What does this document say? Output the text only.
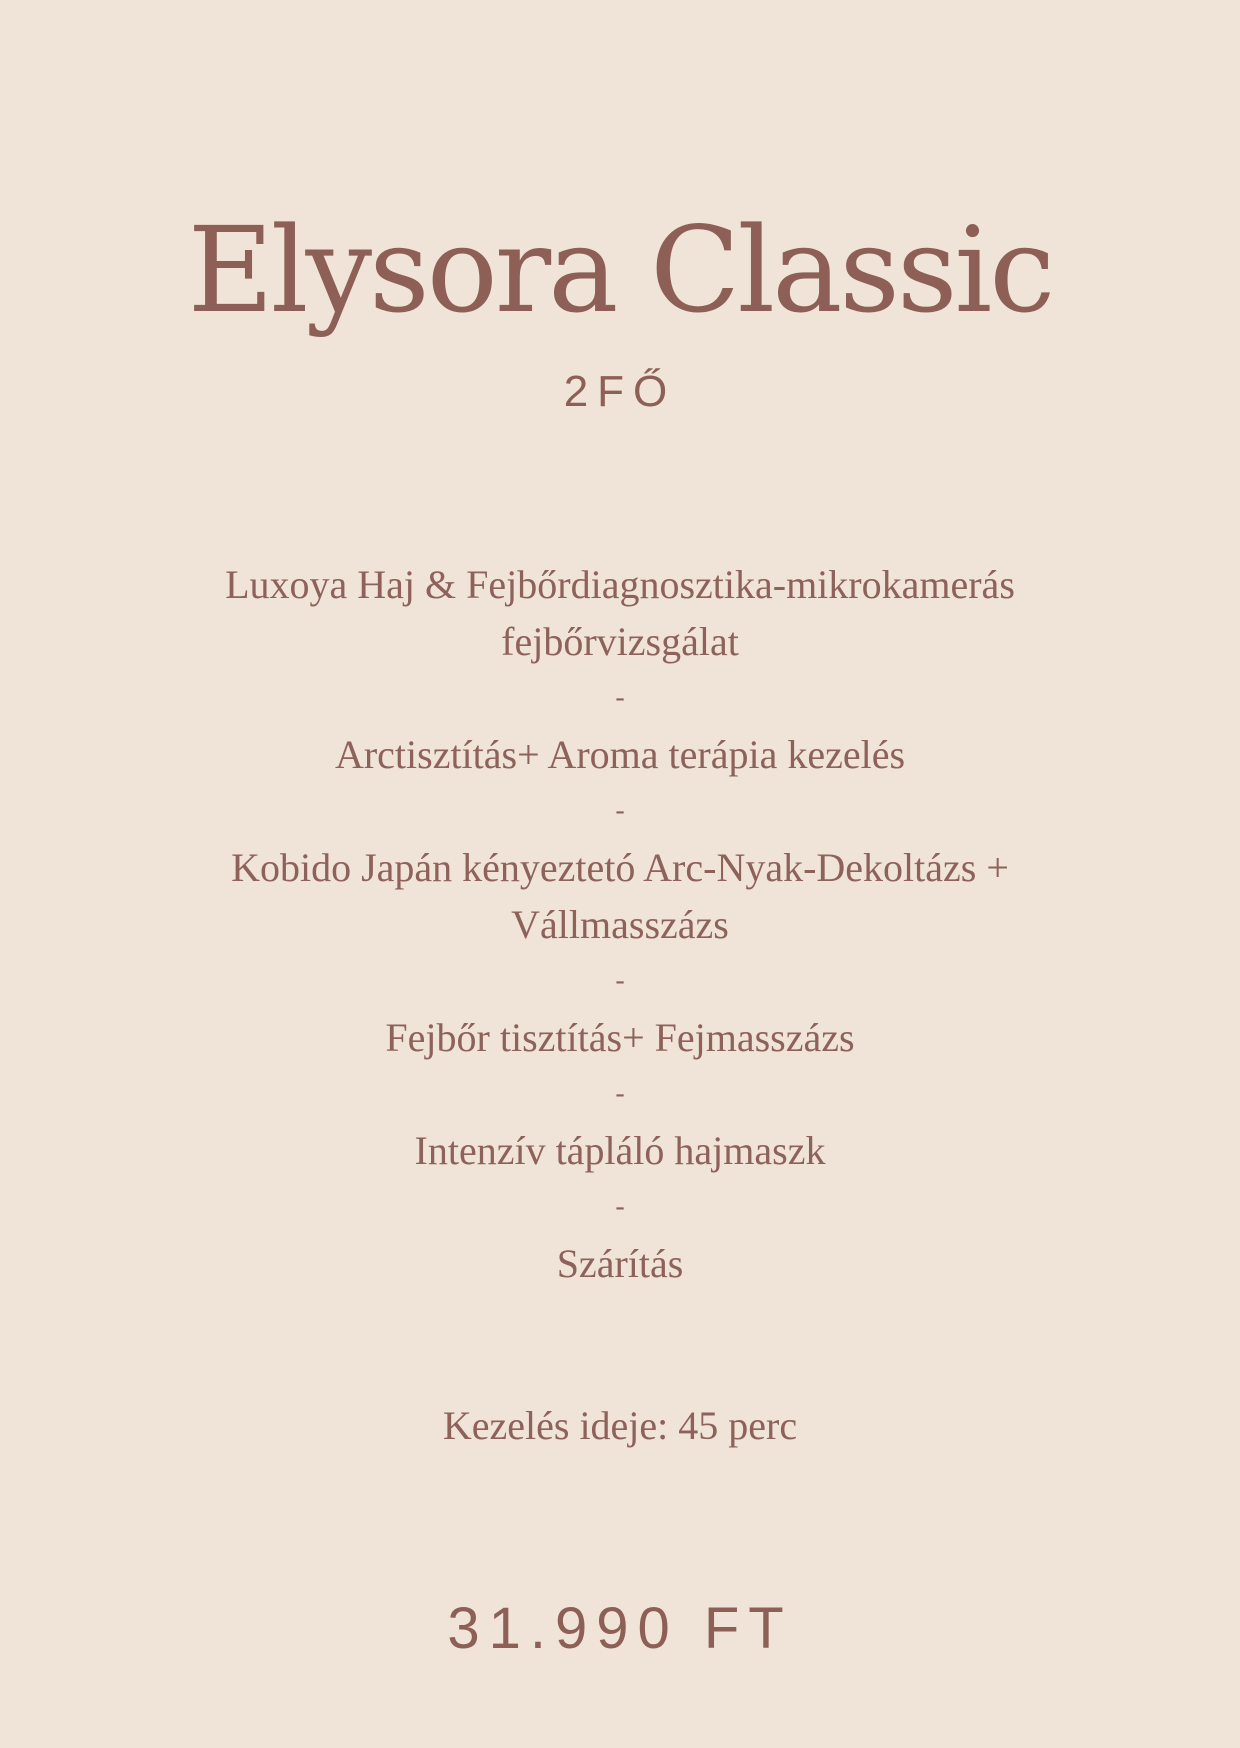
Elysora Classic
2FŐ
Luxoya Haj & Fejbőrdiagnosztika-mikrokamerás fejbőrvizsgálat
-
Arctisztítás+ Aroma terápia kezelés
-
Kobido Japán kényeztetó Arc-Nyak-Dekoltázs + Vállmasszázs
-
Fejbőr tisztítás+ Fejmasszázs
-
Intenzív tápláló hajmaszk
-
Szárítás
Kezelés ideje: 45 perc
31.990 FT
